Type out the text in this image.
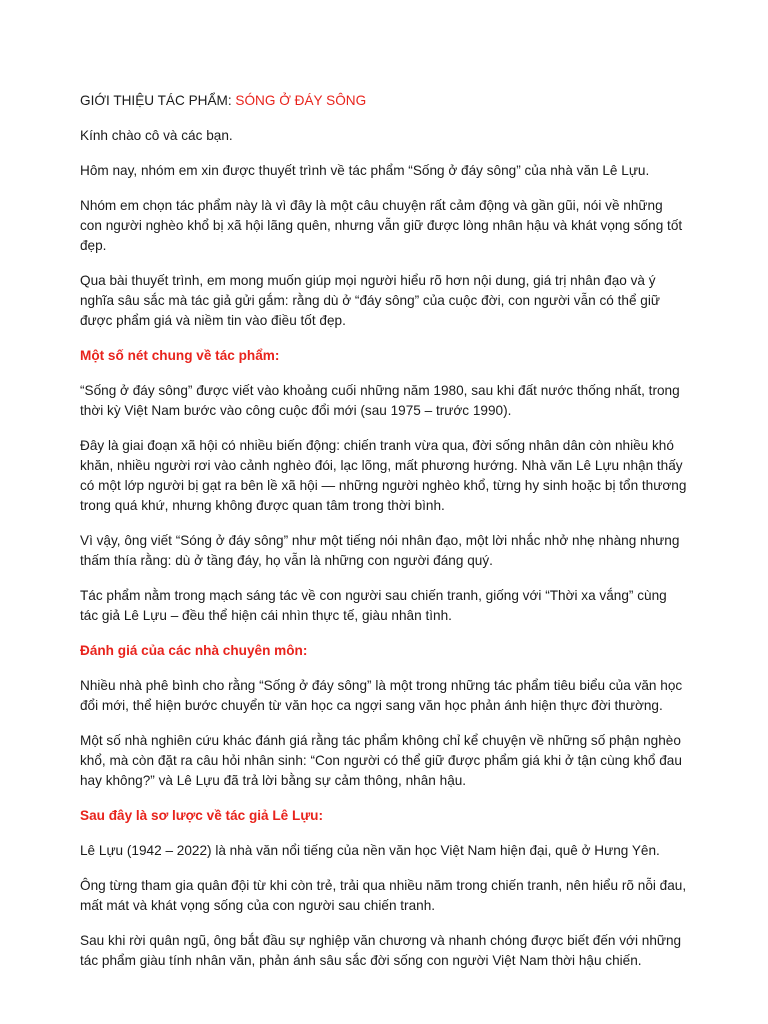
GIỚI THIỆU TÁC PHẨM: SÓNG Ở ĐÁY SÔNG

Kính chào cô và các bạn.

Hôm nay, nhóm em xin được thuyết trình về tác phẩm “Sống ở đáy sông” của nhà văn Lê Lựu.

Nhóm em chọn tác phẩm này là vì đây là một câu chuyện rất cảm động và gần gũi, nói về những con người nghèo khổ bị xã hội lãng quên, nhưng vẫn giữ được lòng nhân hậu và khát vọng sống tốt đẹp.

Qua bài thuyết trình, em mong muốn giúp mọi người hiểu rõ hơn nội dung, giá trị nhân đạo và ý nghĩa sâu sắc mà tác giả gửi gắm: rằng dù ở “đáy sông” của cuộc đời, con người vẫn có thể giữ được phẩm giá và niềm tin vào điều tốt đẹp.

Một số nét chung về tác phẩm:

“Sống ở đáy sông” được viết vào khoảng cuối những năm 1980, sau khi đất nước thống nhất, trong thời kỳ Việt Nam bước vào công cuộc đổi mới (sau 1975 – trước 1990).

Đây là giai đoạn xã hội có nhiều biến động: chiến tranh vừa qua, đời sống nhân dân còn nhiều khó khăn, nhiều người rơi vào cảnh nghèo đói, lạc lõng, mất phương hướng. Nhà văn Lê Lựu nhận thấy có một lớp người bị gạt ra bên lề xã hội — những người nghèo khổ, từng hy sinh hoặc bị tổn thương trong quá khứ, nhưng không được quan tâm trong thời bình.

Vì vậy, ông viết “Sóng ở đáy sông” như một tiếng nói nhân đạo, một lời nhắc nhở nhẹ nhàng nhưng thấm thía rằng: dù ở tầng đáy, họ vẫn là những con người đáng quý.

Tác phẩm nằm trong mạch sáng tác về con người sau chiến tranh, giống với “Thời xa vắng” cùng tác giả Lê Lựu – đều thể hiện cái nhìn thực tế, giàu nhân tình.

Đánh giá của các nhà chuyên môn:

Nhiều nhà phê bình cho rằng “Sống ở đáy sông” là một trong những tác phẩm tiêu biểu của văn học đổi mới, thể hiện bước chuyển từ văn học ca ngợi sang văn học phản ánh hiện thực đời thường.

Một số nhà nghiên cứu khác đánh giá rằng tác phẩm không chỉ kể chuyện về những số phận nghèo khổ, mà còn đặt ra câu hỏi nhân sinh: “Con người có thể giữ được phẩm giá khi ở tận cùng khổ đau hay không?” và Lê Lựu đã trả lời bằng sự cảm thông, nhân hậu.

Sau đây là sơ lược về tác giả Lê Lựu:

Lê Lựu (1942 – 2022) là nhà văn nổi tiếng của nền văn học Việt Nam hiện đại, quê ở Hưng Yên.

Ông từng tham gia quân đội từ khi còn trẻ, trải qua nhiều năm trong chiến tranh, nên hiểu rõ nỗi đau, mất mát và khát vọng sống của con người sau chiến tranh.

Sau khi rời quân ngũ, ông bắt đầu sự nghiệp văn chương và nhanh chóng được biết đến với những tác phẩm giàu tính nhân văn, phản ánh sâu sắc đời sống con người Việt Nam thời hậu chiến.
